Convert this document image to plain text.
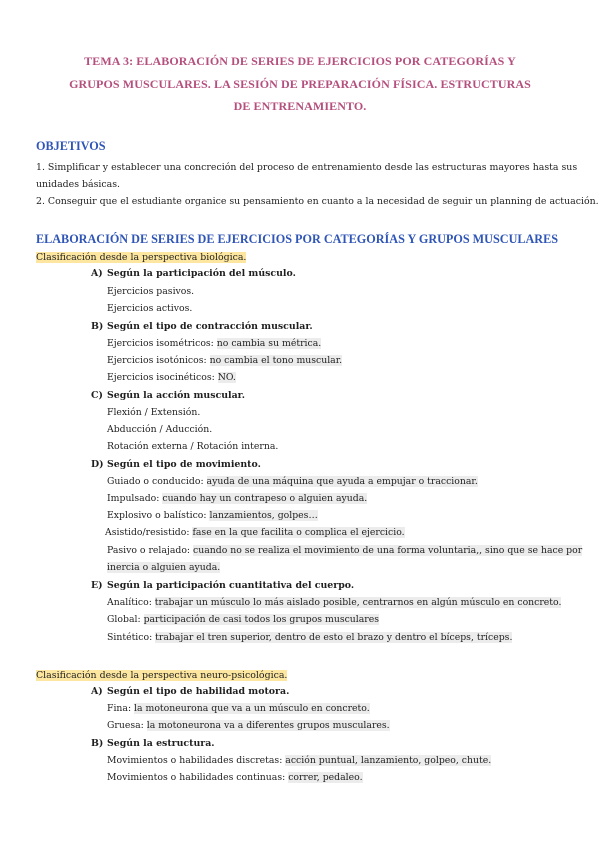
TEMA 3: ELABORACIÓN DE SERIES DE EJERCICIOS POR CATEGORÍAS Y
GRUPOS MUSCULARES. LA SESIÓN DE PREPARACIÓN FÍSICA. ESTRUCTURAS
DE ENTRENAMIENTO.
OBJETIVOS
1. Simplificar y establecer una concreción del proceso de entrenamiento desde las estructuras mayores hasta sus
unidades básicas.
2. Conseguir que el estudiante organice su pensamiento en cuanto a la necesidad de seguir un planning de actuación.
ELABORACIÓN DE SERIES DE EJERCICIOS POR CATEGORÍAS Y GRUPOS MUSCULARES
Clasificación desde la perspectiva biológica.
A) Según la participación del músculo.
Ejercicios pasivos.
Ejercicios activos.
B) Según el tipo de contracción muscular.
Ejercicios isométricos: no cambia su métrica.
Ejercicios isotónicos: no cambia el tono muscular.
Ejercicios isocinéticos: NO.
C) Según la acción muscular.
Flexión / Extensión.
Abducción / Aducción.
Rotación externa / Rotación interna.
D) Según el tipo de movimiento.
Guiado o conducido: ayuda de una máquina que ayuda a empujar o traccionar.
Impulsado: cuando hay un contrapeso o alguien ayuda.
Explosivo o balístico: lanzamientos, golpes…
Asistido/resistido: fase en la que facilita o complica el ejercicio.
Pasivo o relajado: cuando no se realiza el movimiento de una forma voluntaria,, sino que se hace por
inercia o alguien ayuda.
E) Según la participación cuantitativa del cuerpo.
Analítico: trabajar un músculo lo más aislado posible, centrarnos en algún músculo en concreto.
Global: participación de casi todos los grupos musculares
Sintético: trabajar el tren superior, dentro de esto el brazo y dentro el bíceps, tríceps.
Clasificación desde la perspectiva neuro-psicológica.
A) Según el tipo de habilidad motora.
Fina: la motoneurona que va a un músculo en concreto.
Gruesa: la motoneurona va a diferentes grupos musculares.
B) Según la estructura.
Movimientos o habilidades discretas: acción puntual, lanzamiento, golpeo, chute.
Movimientos o habilidades continuas: correr, pedaleo.
